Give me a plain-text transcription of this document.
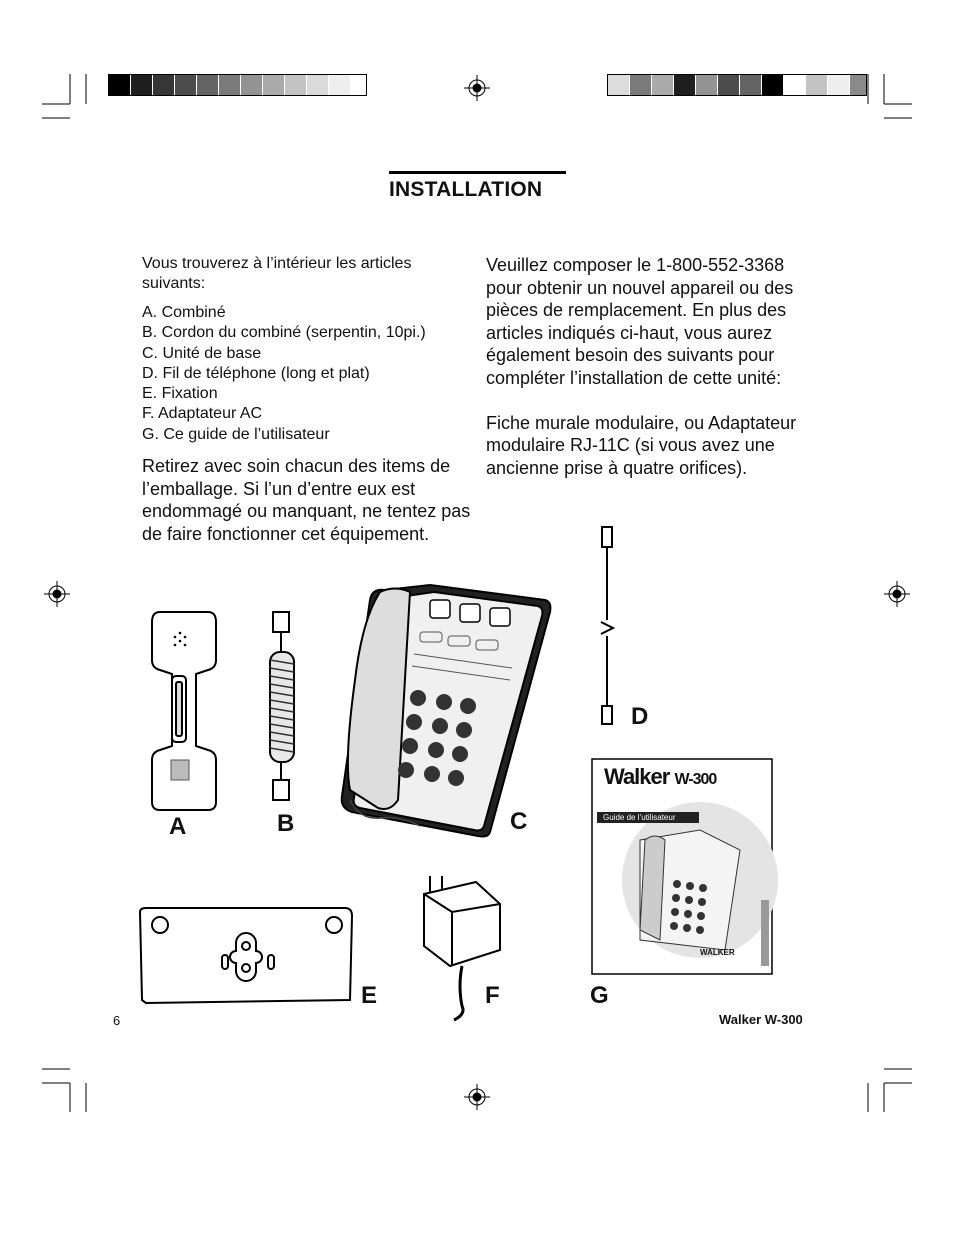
INSTALLATION
Vous trouverez à l’intérieur les articles suivants:
A. Combiné
B. Cordon du combiné (serpentin, 10pi.)
C. Unité de base
D. Fil de téléphone (long et plat)
E. Fixation
F. Adaptateur AC
G. Ce guide de l’utilisateur
Retirez avec soin chacun des items de l’emballage. Si l’un d’entre eux est endommagé ou manquant, ne tentez pas de faire fonctionner cet équipement.
Veuillez composer le 1-800-552-3368 pour obtenir un nouvel appareil ou des pièces de remplacement. En plus des articles indiqués ci-haut, vous aurez également besoin des suivants pour compléter l’installation de cette unité:
Fiche murale modulaire, ou Adaptateur modulaire RJ-11C (si vous avez une ancienne prise à quatre orifices).
Walker W-300
Guide de l’utilisateur
WALKER
A	B	C
D
E	F	G
6	Walker W-300
